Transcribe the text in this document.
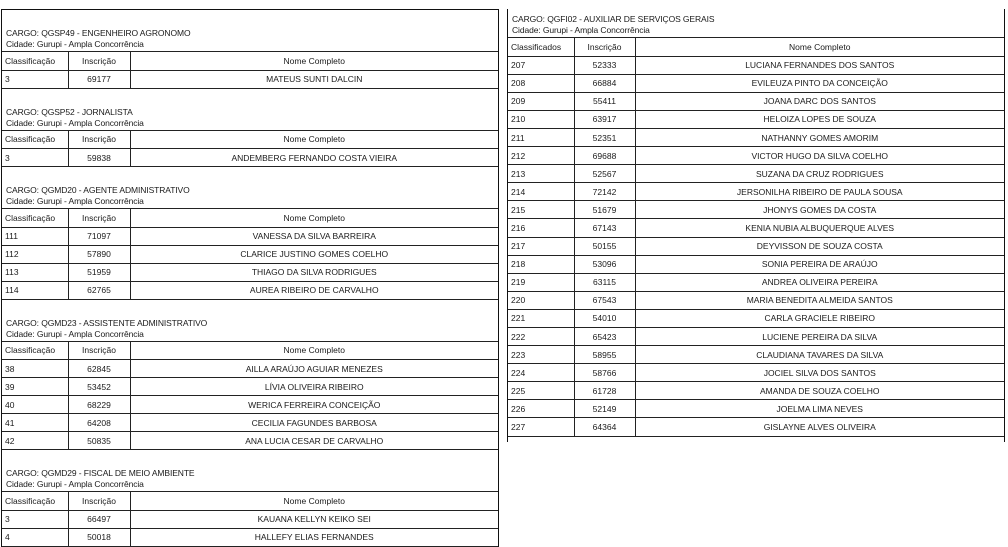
CARGO: QGSP49 - ENGENHEIRO AGRONOMO
Cidade: Gurupi - Ampla Concorrência
Classificação	Inscrição	Nome Completo
3	69177	MATEUS SUNTI DALCIN
CARGO: QGSP52 - JORNALISTA
Cidade: Gurupi - Ampla Concorrência
Classificação	Inscrição	Nome Completo
3	59838	ANDEMBERG FERNANDO COSTA VIEIRA
CARGO: QGMD20 - AGENTE ADMINISTRATIVO
Cidade: Gurupi - Ampla Concorrência
Classificação	Inscrição	Nome Completo
111	71097	VANESSA DA SILVA BARREIRA
112	57890	CLARICE JUSTINO GOMES COELHO
113	51959	THIAGO DA SILVA RODRIGUES
114	62765	AUREA RIBEIRO DE CARVALHO
CARGO: QGMD23 - ASSISTENTE ADMINISTRATIVO
Cidade: Gurupi - Ampla Concorrência
Classificação	Inscrição	Nome Completo
38	62845	AILLA ARAÚJO AGUIAR MENEZES
39	53452	LÍVIA OLIVEIRA RIBEIRO
40	68229	WERICA FERREIRA CONCEIÇÃO
41	64208	CECILIA FAGUNDES BARBOSA
42	50835	ANA LUCIA CESAR DE CARVALHO
CARGO: QGMD29 - FISCAL DE MEIO AMBIENTE
Cidade: Gurupi - Ampla Concorrência
Classificação	Inscrição	Nome Completo
3	66497	KAUANA KELLYN KEIKO SEI
4	50018	HALLEFY ELIAS FERNANDES
CARGO: QGFI02 - AUXILIAR DE SERVIÇOS GERAIS
Cidade: Gurupi - Ampla Concorrência
Classificados	Inscrição	Nome Completo
207	52333	LUCIANA FERNANDES DOS SANTOS
208	66884	EVILEUZA PINTO DA CONCEIÇÃO
209	55411	JOANA DARC DOS SANTOS
210	63917	HELOIZA LOPES DE SOUZA
211	52351	NATHANNY GOMES AMORIM
212	69688	VICTOR HUGO DA SILVA COELHO
213	52567	SUZANA DA CRUZ RODRIGUES
214	72142	JERSONILHA RIBEIRO DE PAULA SOUSA
215	51679	JHONYS GOMES DA COSTA
216	67143	KENIA NUBIA ALBUQUERQUE ALVES
217	50155	DEYVISSON DE SOUZA COSTA
218	53096	SONIA PEREIRA DE ARAÚJO
219	63115	ANDREA OLIVEIRA PEREIRA
220	67543	MARIA BENEDITA ALMEIDA SANTOS
221	54010	CARLA GRACIELE RIBEIRO
222	65423	LUCIENE PEREIRA DA SILVA
223	58955	CLAUDIANA TAVARES DA SILVA
224	58766	JOCIEL SILVA DOS SANTOS
225	61728	AMANDA DE SOUZA COELHO
226	52149	JOELMA LIMA NEVES
227	64364	GISLAYNE ALVES OLIVEIRA
